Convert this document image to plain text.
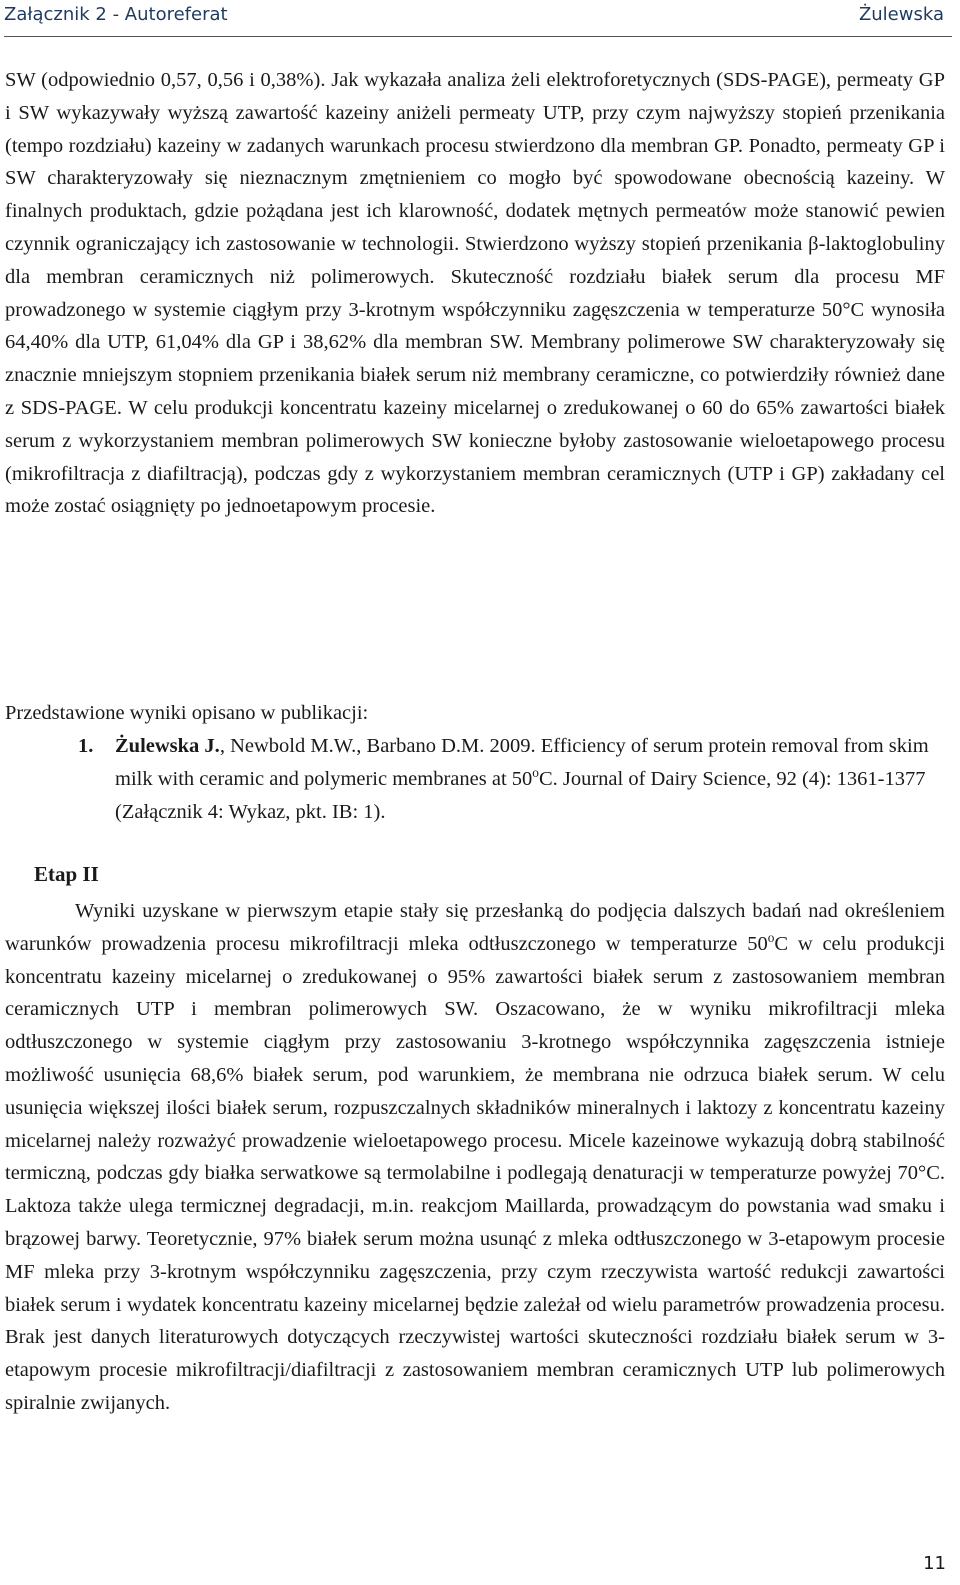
Załącznik 2 - Autoreferat	Żulewska

SW (odpowiednio 0,57, 0,56 i 0,38%). Jak wykazała analiza żeli elektroforetycznych (SDS-PAGE), permeaty GP i SW wykazywały wyższą zawartość kazeiny aniżeli permeaty UTP, przy czym najwyższy stopień przenikania (tempo rozdziału) kazeiny w zadanych warunkach procesu stwierdzono dla membran GP. Ponadto, permeaty GP i SW charakteryzowały się nieznacznym zmętnieniem co mogło być spowodowane obecnością kazeiny. W finalnych produktach, gdzie pożądana jest ich klarowność, dodatek mętnych permeatów może stanowić pewien czynnik ograniczający ich zastosowanie w technologii. Stwierdzono wyższy stopień przenikania β-laktoglobuliny dla membran ceramicznych niż polimerowych. Skuteczność rozdziału białek serum dla procesu MF prowadzonego w systemie ciągłym przy 3-krotnym współczynniku zagęszczenia w temperaturze 50°C wynosiła 64,40% dla UTP, 61,04% dla GP i 38,62% dla membran SW. Membrany polimerowe SW charakteryzowały się znacznie mniejszym stopniem przenikania białek serum niż membrany ceramiczne, co potwierdziły również dane z SDS-PAGE. W celu produkcji koncentratu kazeiny micelarnej o zredukowanej o 60 do 65% zawartości białek serum z wykorzystaniem membran polimerowych SW konieczne byłoby zastosowanie wieloetapowego procesu (mikrofiltracja z diafiltracją), podczas gdy z wykorzystaniem membran ceramicznych (UTP i GP) zakładany cel może zostać osiągnięty po jednoetapowym procesie.

Przedstawione wyniki opisano w publikacji:

1. Żulewska J., Newbold M.W., Barbano D.M. 2009. Efficiency of serum protein removal from skim milk with ceramic and polymeric membranes at 50$^o$C. Journal of Dairy Science, 92 (4): 1361-1377 (Załącznik 4: Wykaz, pkt. IB: 1).
Etap II

Wyniki uzyskane w pierwszym etapie stały się przesłanką do podjęcia dalszych badań nad określeniem warunków prowadzenia procesu mikrofiltracji mleka odtłuszczonego w temperaturze 50$^o$C w celu produkcji koncentratu kazeiny micelarnej o zredukowanej o 95% zawartości białek serum z zastosowaniem membran ceramicznych UTP i membran polimerowych SW. Oszacowano, że w wyniku mikrofiltracji mleka odtłuszczonego w systemie ciągłym przy zastosowaniu 3-krotnego współczynnika zagęszczenia istnieje możliwość usunięcia 68,6% białek serum, pod warunkiem, że membrana nie odrzuca białek serum. W celu usunięcia większej ilości białek serum, rozpuszczalnych składników mineralnych i laktozy z koncentratu kazeiny micelarnej należy rozważyć prowadzenie wieloetapowego procesu. Micele kazeinowe wykazują dobrą stabilność termiczną, podczas gdy białka serwatkowe są termolabilne i podlegają denaturacji w temperaturze powyżej 70°C. Laktoza także ulega termicznej degradacji, m.in. reakcjom Maillarda, prowadzącym do powstania wad smaku i brązowej barwy. Teoretycznie, 97% białek serum można usunąć z mleka odtłuszczonego w 3-etapowym procesie MF mleka przy 3-krotnym współczynniku zagęszczenia, przy czym rzeczywista wartość redukcji zawartości białek serum i wydatek koncentratu kazeiny micelarnej będzie zależał od wielu parametrów prowadzenia procesu. Brak jest danych literaturowych dotyczących rzeczywistej wartości skuteczności rozdziału białek serum w 3-etapowym procesie mikrofiltracji/diafiltracji z zastosowaniem membran ceramicznych UTP lub polimerowych spiralnie zwijanych.

11
